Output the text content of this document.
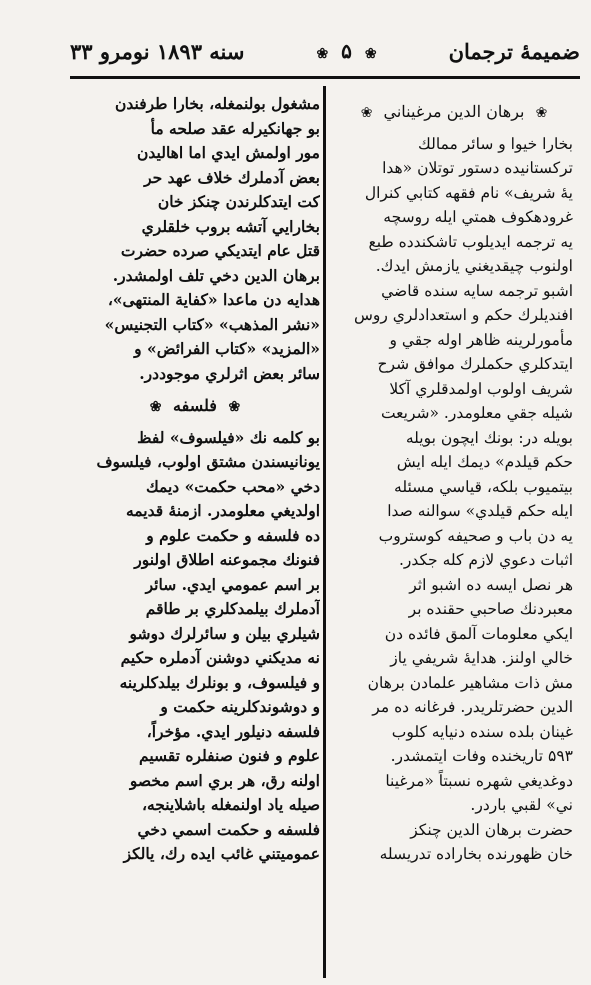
ضميمۀ ترجمان
❀ ۵ ❀
سنه ۱۸۹۳ نومرو ۳۳
❀ برهان الدين مرغيناني ❀
بخارا خيوا و سائر ممالك
تركستانيده دستور توتلان «هدا
يۀ شريف» نام فقهه كتابي كنرال
غرودهكوف همتي ايله روسچه
يه ترجمه ايديلوب تاشكندده طبع
اولنوب چيقديغني يازمش ايدك.
اشبو ترجمه سايه سنده قاضي
افنديلرك حكم و استعدادلري روس
مأمورلرينه ظاهر اوله جقي و
ايتدكلري حكملرك موافق شرح
شريف اولوب اولمدقلري آكلا
شيله جقي معلومدر. «شريعت
بويله در: بونك ايچون بويله
حكم قيلدم» ديمك ايله ايش
بيتميوب بلكه، قياسي مسئله
ايله حكم قيلدي» سوالنه صدا
يه دن باب و صحيفه كوستروب
اثبات دعوي لازم كله جكدر.
هر نصل ايسه ده اشبو اثر
معبردنك صاحبي حقنده بر
ايكي معلومات آلمق فائده دن
خالي اولنز. هدايۀ شريفي ياز
مش ذات مشاهير علمادن برهان
الدين حضرتلريدر. فرغانه ده مر
غينان بلده سنده دنيايه كلوب
۵۹۳ تاريخنده وفات ايتمشدر.
دوغديغي شهره نسبتاً «مرغينا
ني» لقبي باردر.
حضرت برهان الدين چنكز
خان ظهورنده بخاراده تدريسله
مشغول بولنمغله، بخارا طرفندن
بو جهانكيرله عقد صلحه مأ
مور اولمش ايدي اما اهاليدن
بعض آدملرك خلاف عهد حر
كت ايتدكلرندن چنكز خان
بخارايي آتشه بروب خلقلري
قتل عام ايتديكي صرده حضرت
برهان الدين دخي تلف اولمشدر.
هدايه دن ماعدا «كفاية المنتهى»،
«نشر المذهب» «كتاب التجنيس»
«المزيد» «كتاب الفرائض» و
سائر بعض اثرلري موجوددر.
❀ فلسفه ❀
بو كلمه نك «فيلسوف» لفظ
يونانيسندن مشتق اولوب، فيلسوف
دخي «محب حكمت» ديمك
اولديغي معلومدر. ازمنۀ قديمه
ده فلسفه و حكمت علوم و
فنونك مجموعنه اطلاق اولنور
بر اسم عمومي ايدي. سائر
آدملرك بيلمدكلري بر طاقم
شيلري بيلن و سائرلرك دوشو
نه مديكني دوشنن آدملره حكيم
و فيلسوف، و بونلرك بيلدكلرينه
و دوشوندكلرينه حكمت و
فلسفه دنيلور ايدي. مؤخراً،
علوم و فنون صنفلره تقسيم
اولنه رق، هر بري اسم مخصو
صيله ياد اولنمغله باشلاينجه،
فلسفه و حكمت اسمي دخي
عموميتني غائب ايده رك، يالكز
